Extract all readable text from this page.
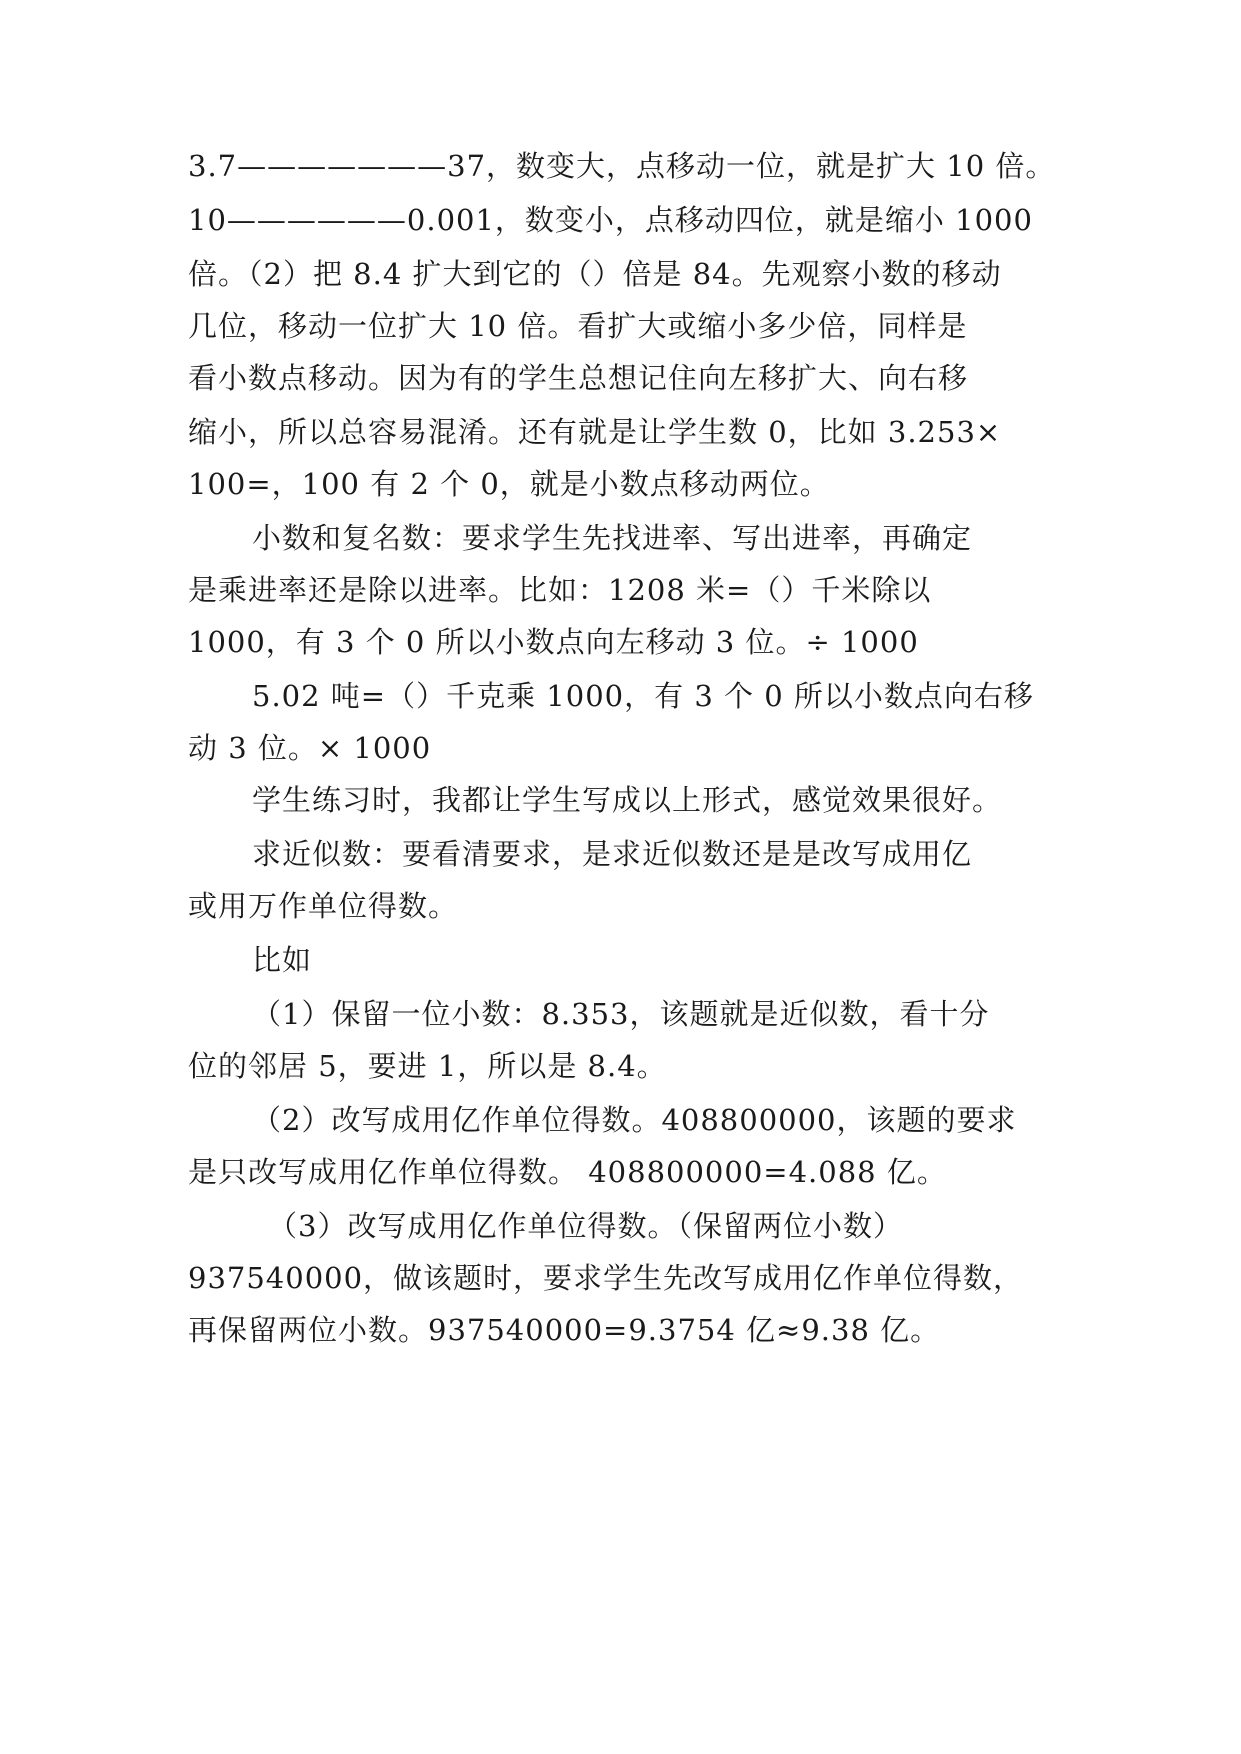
3.7———————37，数变大，点移动一位，就是扩大 10 倍。

10——————0.001，数变小，点移动四位，就是缩小 1000

倍。（2）把 8.4 扩大到它的（）倍是 84。先观察小数的移动

几位，移动一位扩大 10 倍。看扩大或缩小多少倍，同样是

看小数点移动。因为有的学生总想记住向左移扩大、向右移

缩小，所以总容易混淆。还有就是让学生数 0，比如 3.253×

100=，100 有 2 个 0，就是小数点移动两位。

小数和复名数：要求学生先找进率、写出进率，再确定

是乘进率还是除以进率。比如：1208 米=（）千米除以

1000，有 3 个 0 所以小数点向左移动 3 位。÷ 1000

5.02 吨=（）千克乘 1000，有 3 个 0 所以小数点向右移

动 3 位。× 1000

学生练习时，我都让学生写成以上形式，感觉效果很好。

求近似数：要看清要求，是求近似数还是是改写成用亿

或用万作单位得数。

比如

（1）保留一位小数：8.353，该题就是近似数，看十分

位的邻居 5，要进 1，所以是 8.4。

（2）改写成用亿作单位得数。408800000，该题的要求

是只改写成用亿作单位得数。 408800000=4.088 亿。

（3）改写成用亿作单位得数。（保留两位小数）

937540000，做该题时，要求学生先改写成用亿作单位得数，

再保留两位小数。937540000=9.3754 亿≈9.38 亿。
